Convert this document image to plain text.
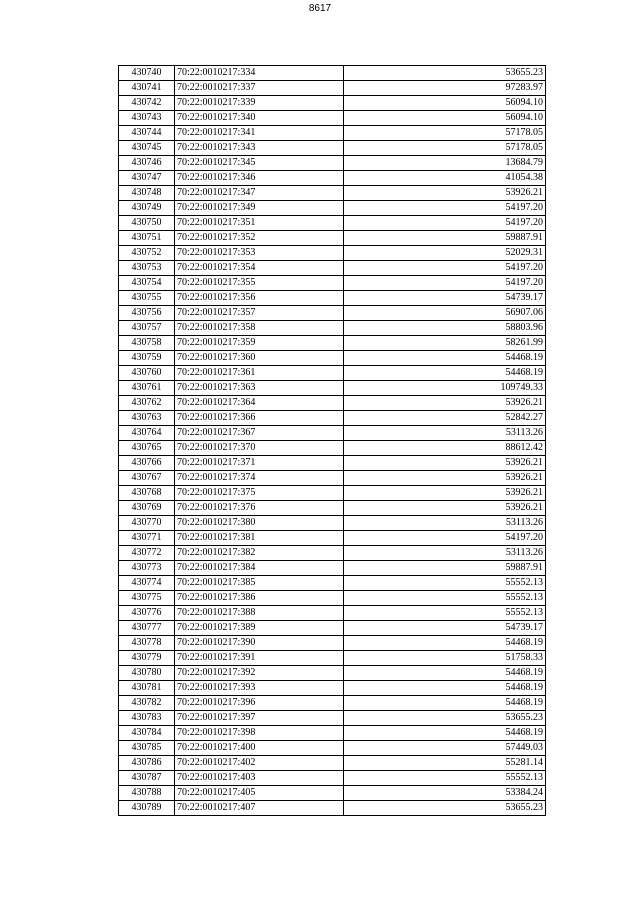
8617
430740	70:22:0010217:334	53655.23
430741	70:22:0010217:337	97283.97
430742	70:22:0010217:339	56094.10
430743	70:22:0010217:340	56094.10
430744	70:22:0010217:341	57178.05
430745	70:22:0010217:343	57178.05
430746	70:22:0010217:345	13684.79
430747	70:22:0010217:346	41054.38
430748	70:22:0010217:347	53926.21
430749	70:22:0010217:349	54197.20
430750	70:22:0010217:351	54197.20
430751	70:22:0010217:352	59887.91
430752	70:22:0010217:353	52029.31
430753	70:22:0010217:354	54197.20
430754	70:22:0010217:355	54197.20
430755	70:22:0010217:356	54739.17
430756	70:22:0010217:357	56907.06
430757	70:22:0010217:358	58803.96
430758	70:22:0010217:359	58261.99
430759	70:22:0010217:360	54468.19
430760	70:22:0010217:361	54468.19
430761	70:22:0010217:363	109749.33
430762	70:22:0010217:364	53926.21
430763	70:22:0010217:366	52842.27
430764	70:22:0010217:367	53113.26
430765	70:22:0010217:370	88612.42
430766	70:22:0010217:371	53926.21
430767	70:22:0010217:374	53926.21
430768	70:22:0010217:375	53926.21
430769	70:22:0010217:376	53926.21
430770	70:22:0010217:380	53113.26
430771	70:22:0010217:381	54197.20
430772	70:22:0010217:382	53113.26
430773	70:22:0010217:384	59887.91
430774	70:22:0010217:385	55552.13
430775	70:22:0010217:386	55552.13
430776	70:22:0010217:388	55552.13
430777	70:22:0010217:389	54739.17
430778	70:22:0010217:390	54468.19
430779	70:22:0010217:391	51758.33
430780	70:22:0010217:392	54468.19
430781	70:22:0010217:393	54468.19
430782	70:22:0010217:396	54468.19
430783	70:22:0010217:397	53655.23
430784	70:22:0010217:398	54468.19
430785	70:22:0010217:400	57449.03
430786	70:22:0010217:402	55281.14
430787	70:22:0010217:403	55552.13
430788	70:22:0010217:405	53384.24
430789	70:22:0010217:407	53655.23
